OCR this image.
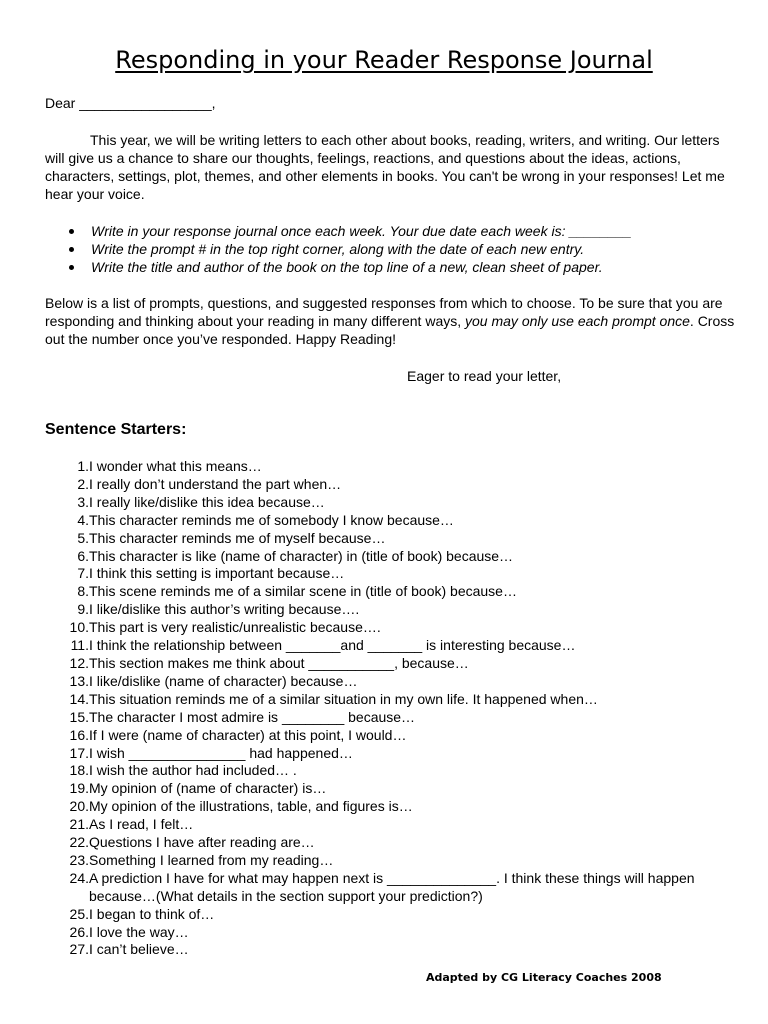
Responding in your Reader Response Journal
Dear _________________,

This year, we will be writing letters to each other about books, reading, writers, and writing. Our letters will give us a chance to share our thoughts, feelings, reactions, and questions about the ideas, actions, characters, settings, plot, themes, and other elements in books. You can't be wrong in your responses! Let me hear your voice.

Write in your response journal once each week. Your due date each week is: ________
Write the prompt # in the top right corner, along with the date of each new entry.
Write the title and author of the book on the top line of a new, clean sheet of paper.

Below is a list of prompts, questions, and suggested responses from which to choose. To be sure that you are responding and thinking about your reading in many different ways, you may only use each prompt once. Cross out the number once you’ve responded. Happy Reading!

Eager to read your letter,
Sentence Starters:
1. I wonder what this means…
2. I really don’t understand the part when…
3. I really like/dislike this idea because…
4. This character reminds me of somebody I know because…
5. This character reminds me of myself because…
6. This character is like (name of character) in (title of book) because…
7. I think this setting is important because…
8. This scene reminds me of a similar scene in (title of book) because…
9. I like/dislike this author’s writing because….
10. This part is very realistic/unrealistic because….
11. I think the relationship between _______and _______ is interesting because…
12. This section makes me think about ___________, because…
13. I like/dislike (name of character) because…
14. This situation reminds me of a similar situation in my own life. It happened when…
15. The character I most admire is ________ because…
16. If I were (name of character) at this point, I would…
17. I wish _______________ had happened…
18. I wish the author had included… .
19. My opinion of (name of character) is…
20. My opinion of the illustrations, table, and figures is…
21. As I read, I felt…
22. Questions I have after reading are…
23. Something I learned from my reading…
24. A prediction I have for what may happen next is ______________. I think these things will happen because…(What details in the section support your prediction?)
25. I began to think of…
26. I love the way…
27. I can’t believe…
Adapted by CG Literacy Coaches 2008
